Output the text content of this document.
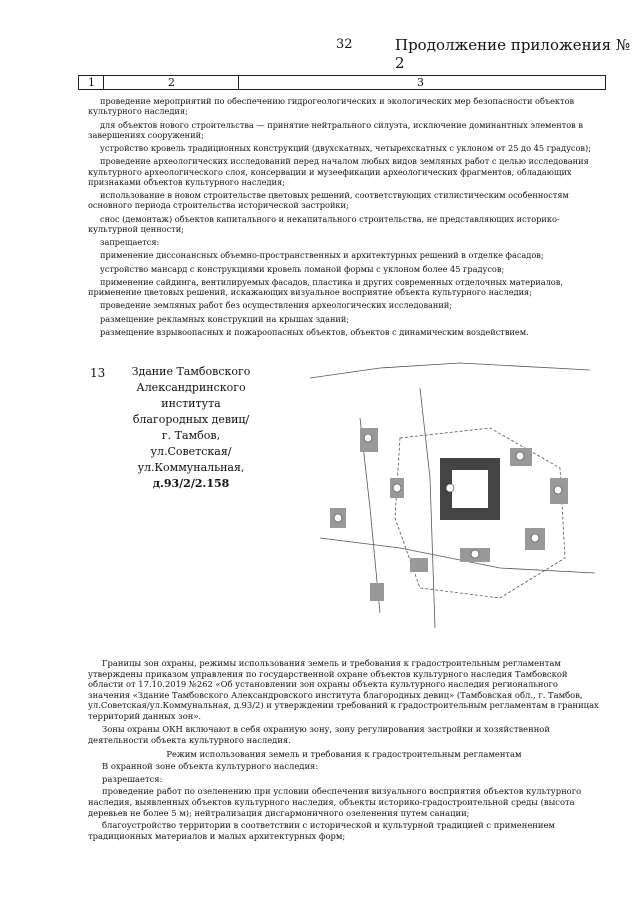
32	Продолжение приложения № 2
1	2	3
проведение мероприятий по обеспечению гидрогеологических и экологических мер безопасности объектов культурного наследия;
для объектов нового строительства — принятие нейтрального силуэта, исключение доминантных элементов в завершениях сооружений;
устройство кровель традиционных конструкций (двухскатных, четырехскатных с уклоном от 25 до 45 градусов);
проведение археологических исследований перед началом любых видов земляных работ с целью исследования культурного археологического слоя, консервации и музеефикации археологических фрагментов, обладающих признаками объектов культурного наследия;
использование в новом строительстве цветовых решений, соответствующих стилистическим особенностям основного периода строительства исторической застройки;
снос (демонтаж) объектов капитального и некапитального строительства, не представляющих историко-культурной ценности;
запрещается:
применение диссонансных объемно-пространственных и архитектурных решений в отделке фасадов;
устройство мансард с конструкциями кровель ломаной формы с уклоном более 45 градусов;
применение сайдинга, вентилируемых фасадов, пластика и других современных отделочных материалов, применение цветовых решений, искажающих визуальное восприятие объекта культурного наследия;
проведение земляных работ без осуществления археологических исследований;
размещение рекламных конструкций на крышах зданий;
размещение взрывоопасных и пожароопасных объектов, объектов с динамическим воздействием.
13	Здание Тамбовского
Александринского
института
благородных девиц/
г. Тамбов,
ул.Советская/
ул.Коммунальная,
д.93/2/2.158
Границы зон охраны, режимы использования земель и требования к градостроительным регламентам утверждены приказом управления по государственной охране объектов культурного наследия Тамбовской области от 17.10.2019 №262 «Об установлении зон охраны объекта культурного наследия регионального значения «Здание Тамбовского Александровского института благородных девиц» (Тамбовская обл., г. Тамбов, ул.Советская/ул.Коммунальная, д.93/2) и утверждении требований к градостроительным регламентам в границах территорий данных зон».
Зоны охраны ОКН включают в себя охранную зону, зону регулирования застройки и хозяйственной деятельности объекта культурного наследия.
Режим использования земель и требования к градостроительным регламентам
В охранной зоне объекта культурного наследия:
разрешается:
проведение работ по озеленению при условии обеспечения визуального восприятия объектов культурного наследия, выявленных объектов культурного наследия, объекты историко-градостроительной среды (высота деревьев не более 5 м); нейтрализация дисгармоничного озеленения путем санации;
благоустройство территории в соответствии с исторической и культурной традицией с применением традиционных материалов и малых архитектурных форм;
